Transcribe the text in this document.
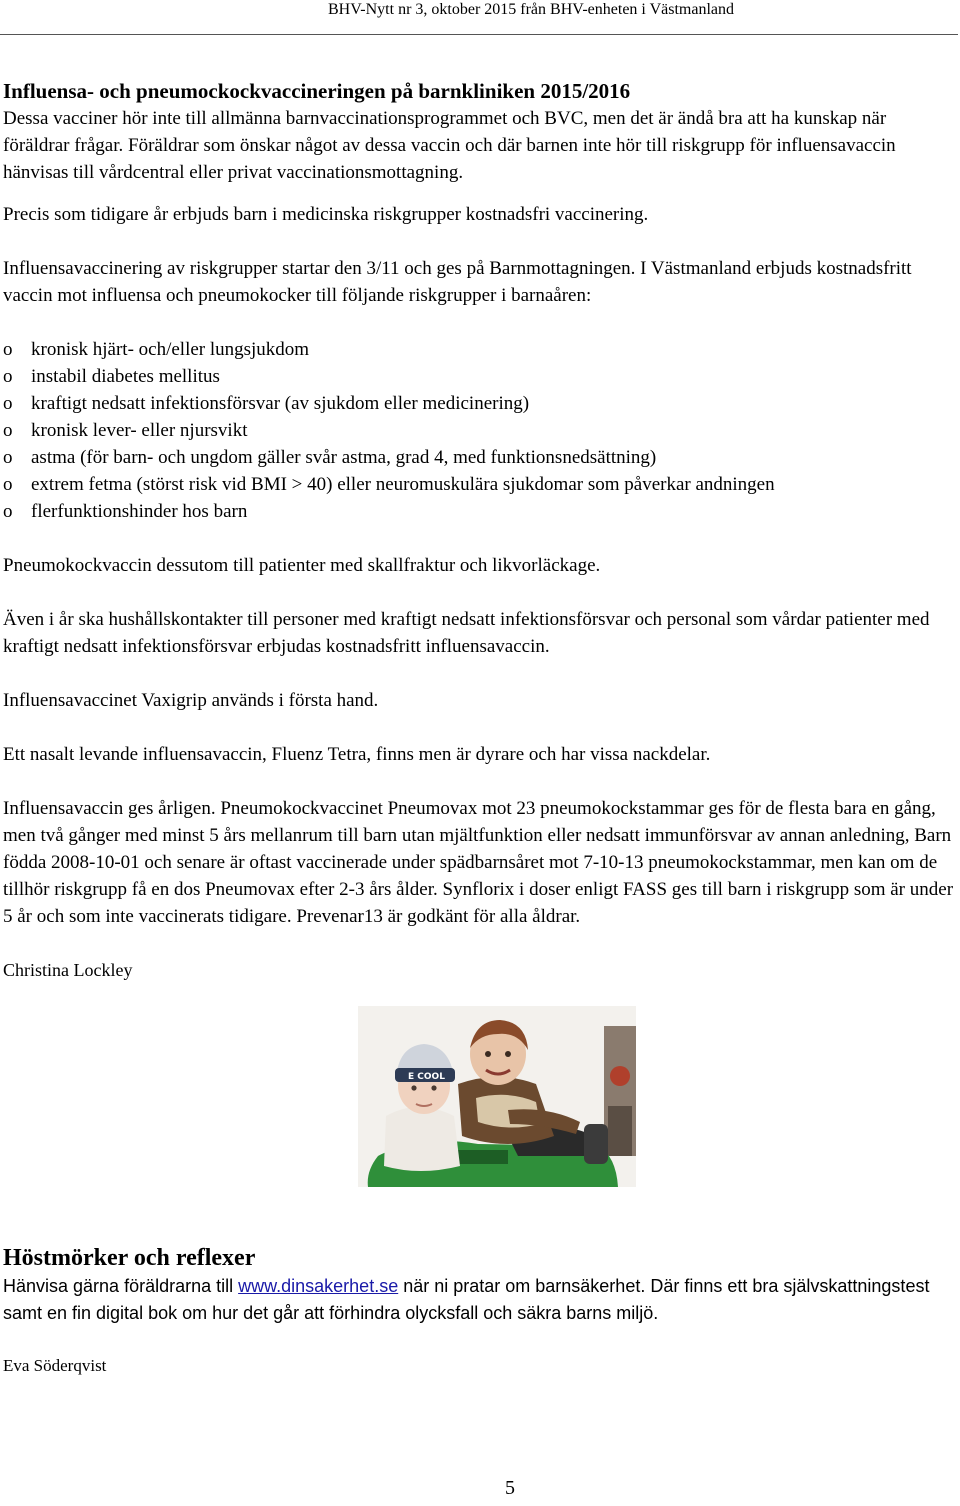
BHV-Nytt nr 3, oktober 2015 från BHV-enheten i Västmanland
Influensa- och pneumockockvaccineringen på barnkliniken 2015/2016

Dessa vacciner hör inte till allmänna barnvaccinationsprogrammet och BVC, men det är ändå bra att ha kunskap när föräldrar frågar. Föräldrar som önskar något av dessa vaccin och där barnen inte hör till riskgrupp för influensavaccin hänvisas till vårdcentral eller privat vaccinationsmottagning.

Precis som tidigare år erbjuds barn i medicinska riskgrupper kostnadsfri vaccinering.

Influensavaccinering av riskgrupper startar den 3/11 och ges på Barnmottagningen. I Västmanland erbjuds kostnadsfritt vaccin mot influensa och pneumokocker till följande riskgrupper i barnaåren:

o kronisk hjärt- och/eller lungsjukdom
o instabil diabetes mellitus
o kraftigt nedsatt infektionsförsvar (av sjukdom eller medicinering)
o kronisk lever- eller njursvikt
o astma (för barn- och ungdom gäller svår astma, grad 4, med funktionsnedsättning)
o extrem fetma (störst risk vid BMI > 40) eller neuromuskulära sjukdomar som påverkar andningen
o flerfunktionshinder hos barn

Pneumokockvaccin dessutom till patienter med skallfraktur och likvorläckage.

Även i år ska hushållskontakter till personer med kraftigt nedsatt infektionsförsvar och personal som vårdar patienter med kraftigt nedsatt infektionsförsvar erbjudas kostnadsfritt influensavaccin.

Influensavaccinet Vaxigrip används i första hand.

Ett nasalt levande influensavaccin, Fluenz Tetra, finns men är dyrare och har vissa nackdelar.

Influensavaccin ges årligen. Pneumokockvaccinet Pneumovax mot 23 pneumokockstammar ges för de flesta bara en gång, men två gånger med minst 5 års mellanrum till barn utan mjältfunktion eller nedsatt immunförsvar av annan anledning, Barn födda 2008-10-01 och senare är oftast vaccinerade under spädbarnsåret mot 7-10-13 pneumokockstammar, men kan om de tillhör riskgrupp få en dos Pneumovax efter 2-3 års ålder. Synflorix i doser enligt FASS ges till barn i riskgrupp som är under 5 år och som inte vaccinerats tidigare. Prevenar13 är godkänt för alla åldrar.

Christina Lockley
E COOL
Höstmörker och reflexer
Hänvisa gärna föräldrarna till www.dinsakerhet.se när ni pratar om barnsäkerhet. Där finns ett bra självskattningstest samt en fin digital bok om hur det går att förhindra olycksfall och säkra barns miljö.
Eva Söderqvist
5
